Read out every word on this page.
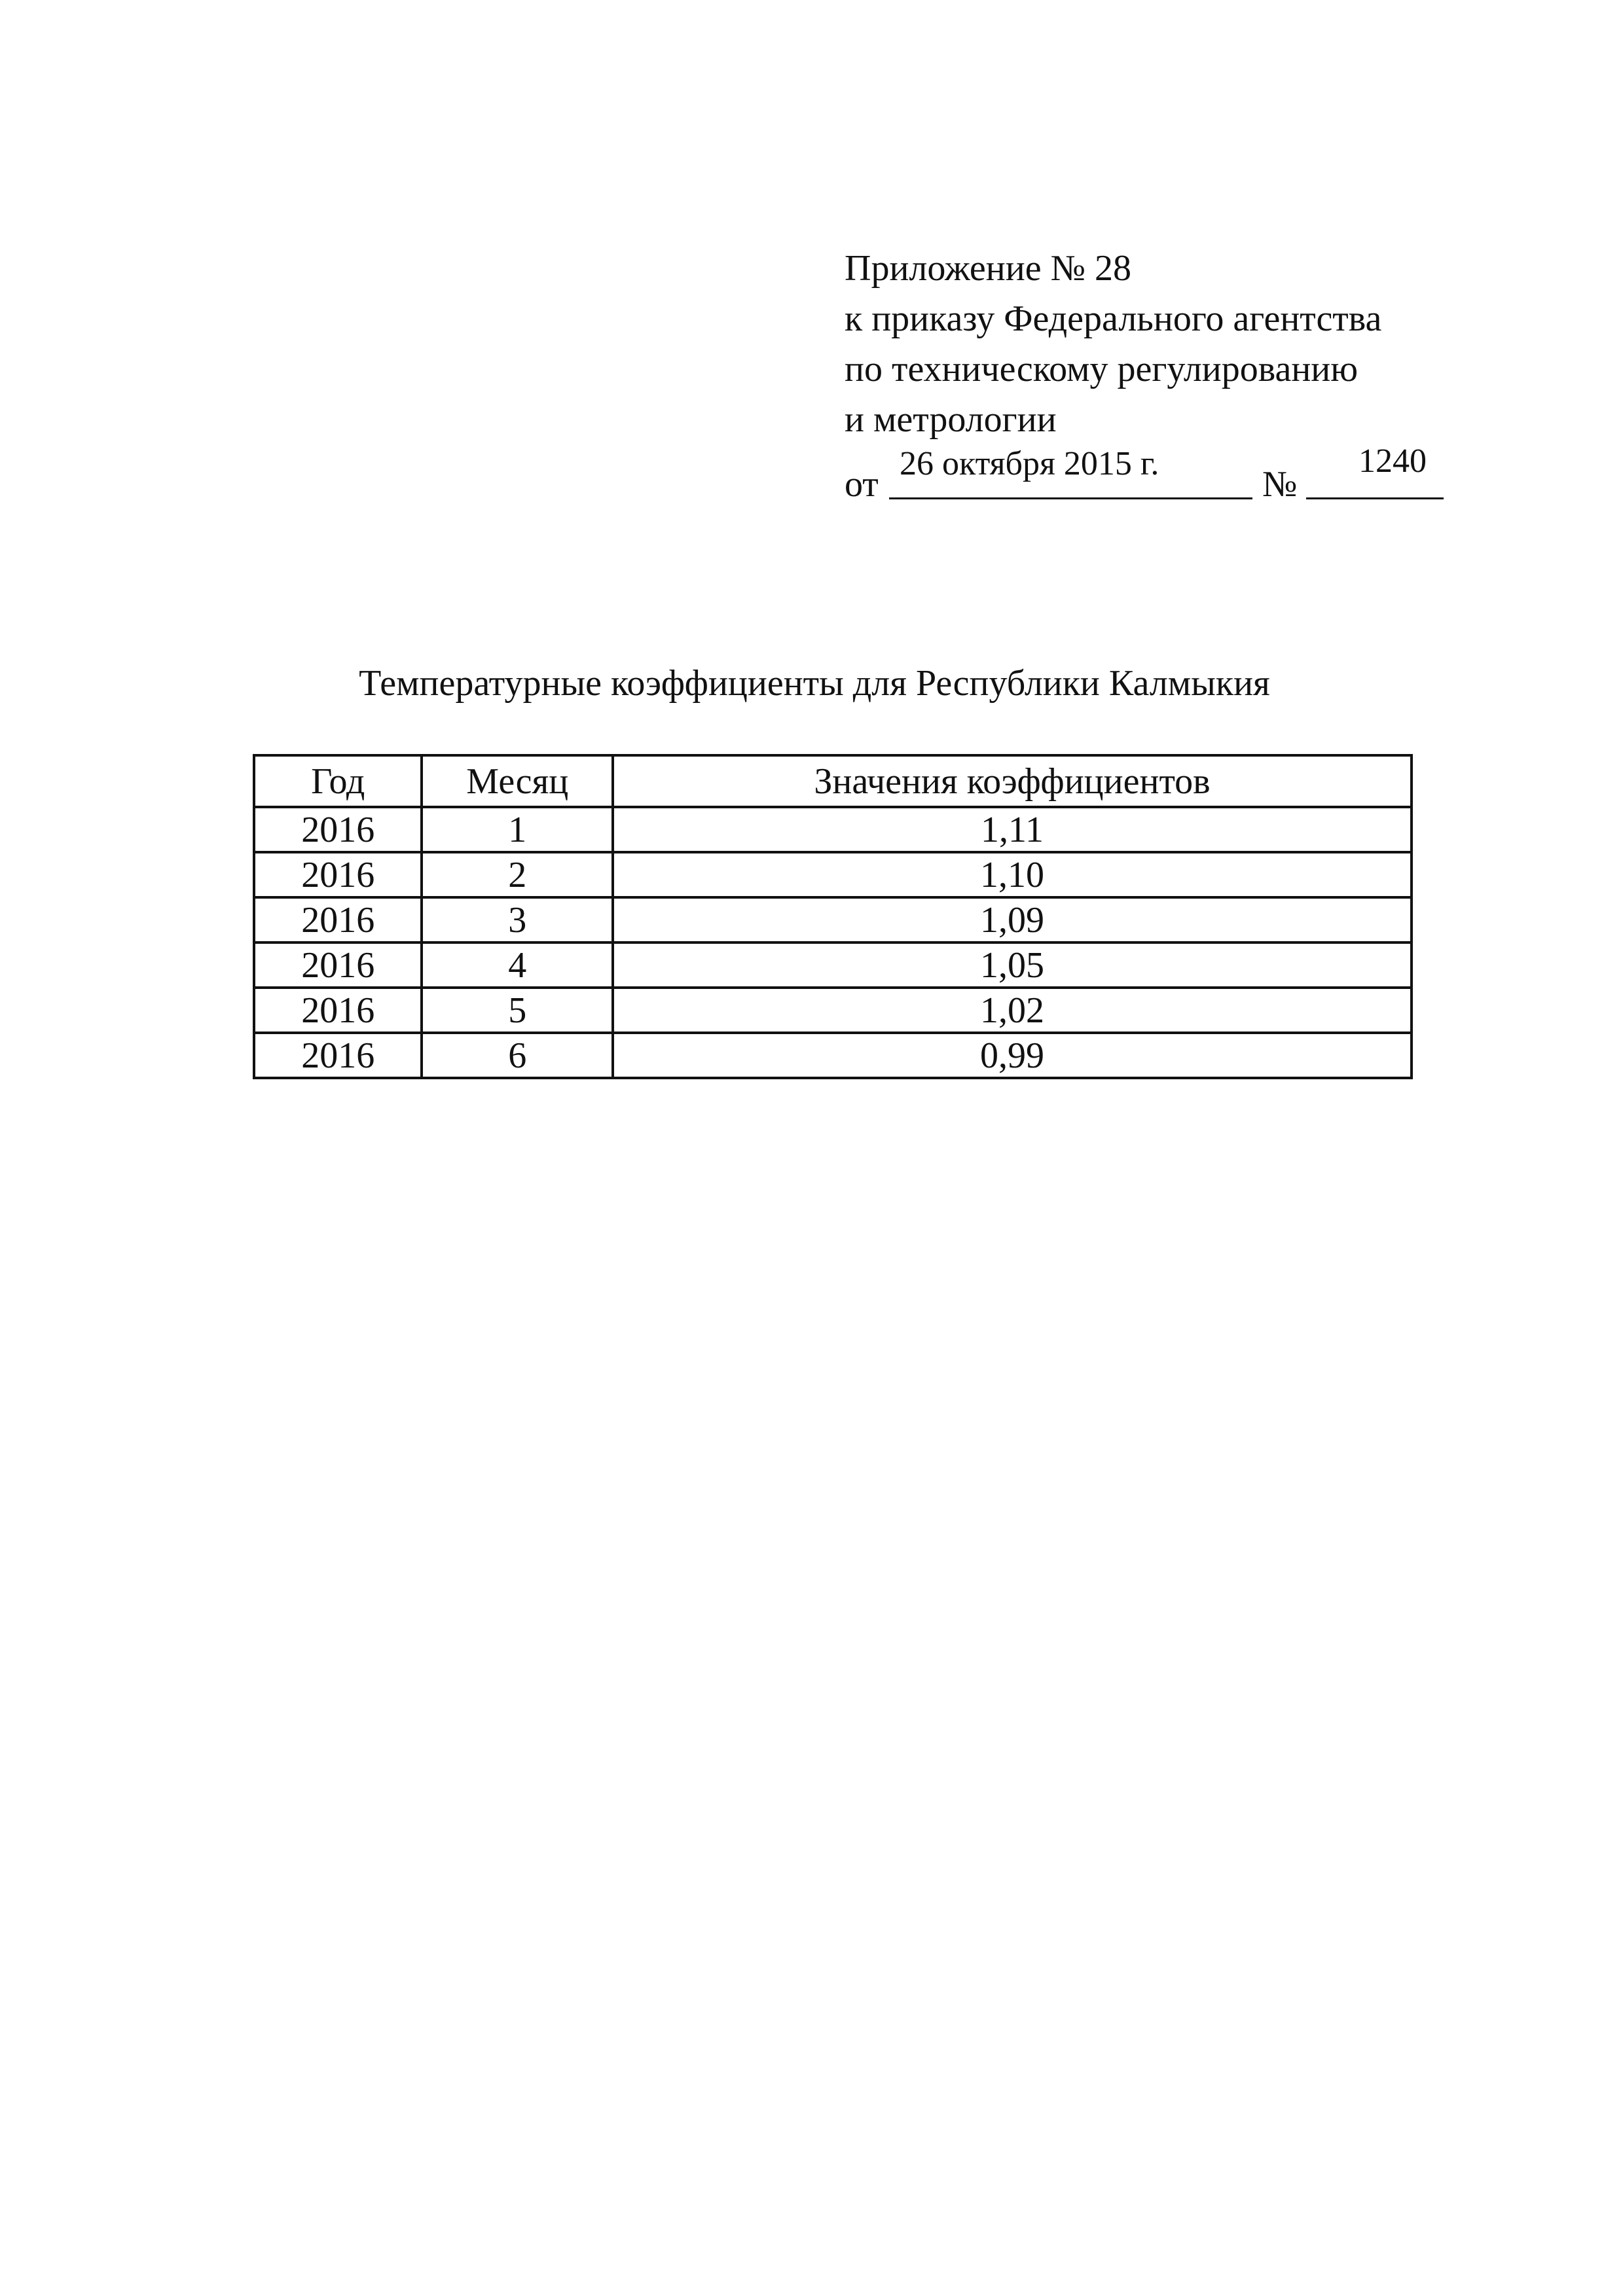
Приложение № 28
к приказу Федерального агентства
по техническому регулированию
и метрологии
от
26 октября 2015 г.
№
1240
Температурные коэффициенты для Республики Калмыкия
Год	Месяц	Значения коэффициентов
2016	1	1,11
2016	2	1,10
2016	3	1,09
2016	4	1,05
2016	5	1,02
2016	6	0,99
